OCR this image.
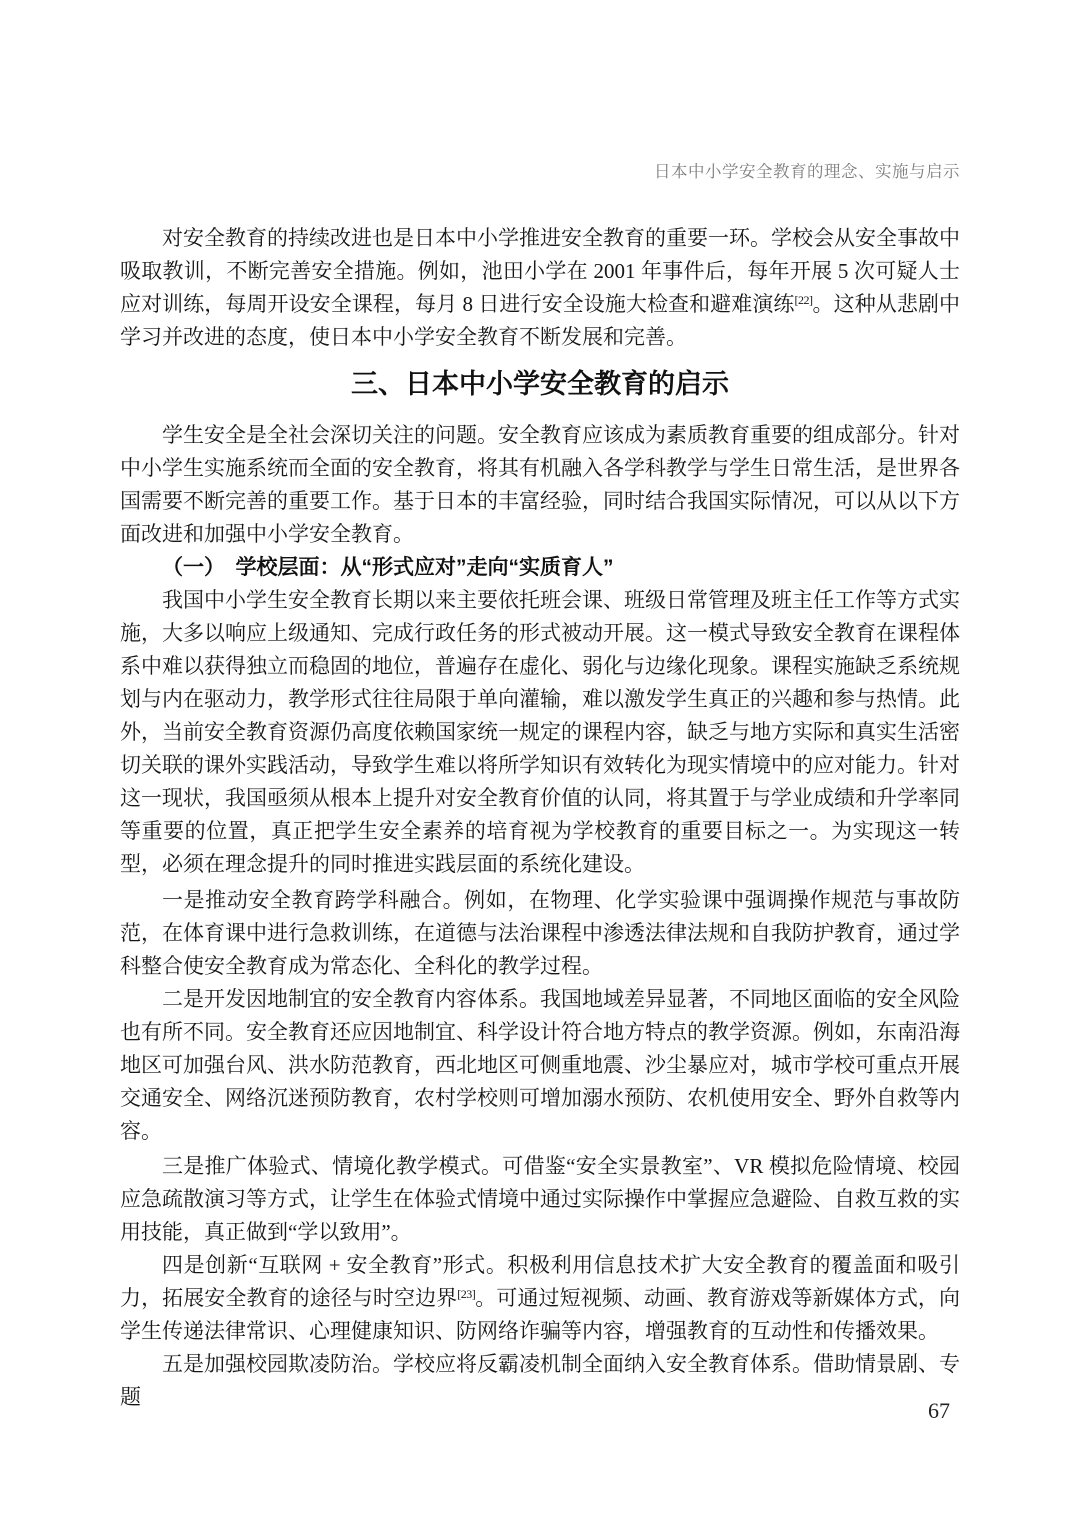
日本中小学安全教育的理念、实施与启示

对安全教育的持续改进也是日本中小学推进安全教育的重要一环。学校会从安全事故中吸取教训，不断完善安全措施。例如，池田小学在 2001 年事件后，每年开展 5 次可疑人士应对训练，每周开设安全课程，每月 8 日进行安全设施大检查和避难演练[22]。这种从悲剧中学习并改进的态度，使日本中小学安全教育不断发展和完善。

三、日本中小学安全教育的启示

学生安全是全社会深切关注的问题。安全教育应该成为素质教育重要的组成部分。针对中小学生实施系统而全面的安全教育，将其有机融入各学科教学与学生日常生活，是世界各国需要不断完善的重要工作。基于日本的丰富经验，同时结合我国实际情况，可以从以下方面改进和加强中小学安全教育。

（一）　学校层面：从“形式应对”走向“实质育人”

我国中小学生安全教育长期以来主要依托班会课、班级日常管理及班主任工作等方式实施，大多以响应上级通知、完成行政任务的形式被动开展。这一模式导致安全教育在课程体系中难以获得独立而稳固的地位，普遍存在虚化、弱化与边缘化现象。课程实施缺乏系统规划与内在驱动力，教学形式往往局限于单向灌输，难以激发学生真正的兴趣和参与热情。此外，当前安全教育资源仍高度依赖国家统一规定的课程内容，缺乏与地方实际和真实生活密切关联的课外实践活动，导致学生难以将所学知识有效转化为现实情境中的应对能力。针对这一现状，我国亟须从根本上提升对安全教育价值的认同，将其置于与学业成绩和升学率同等重要的位置，真正把学生安全素养的培育视为学校教育的重要目标之一。为实现这一转型，必须在理念提升的同时推进实践层面的系统化建设。

一是推动安全教育跨学科融合。例如，在物理、化学实验课中强调操作规范与事故防范，在体育课中进行急救训练，在道德与法治课程中渗透法律法规和自我防护教育，通过学科整合使安全教育成为常态化、全科化的教学过程。

二是开发因地制宜的安全教育内容体系。我国地域差异显著，不同地区面临的安全风险也有所不同。安全教育还应因地制宜、科学设计符合地方特点的教学资源。例如，东南沿海地区可加强台风、洪水防范教育，西北地区可侧重地震、沙尘暴应对，城市学校可重点开展交通安全、网络沉迷预防教育，农村学校则可增加溺水预防、农机使用安全、野外自救等内容。

三是推广体验式、情境化教学模式。可借鉴“安全实景教室”、VR 模拟危险情境、校园应急疏散演习等方式，让学生在体验式情境中通过实际操作中掌握应急避险、自救互救的实用技能，真正做到“学以致用”。

四是创新“互联网 + 安全教育”形式。积极利用信息技术扩大安全教育的覆盖面和吸引力，拓展安全教育的途径与时空边界[23]。可通过短视频、动画、教育游戏等新媒体方式，向学生传递法律常识、心理健康知识、防网络诈骗等内容，增强教育的互动性和传播效果。

五是加强校园欺凌防治。学校应将反霸凌机制全面纳入安全教育体系。借助情景剧、专题

67
